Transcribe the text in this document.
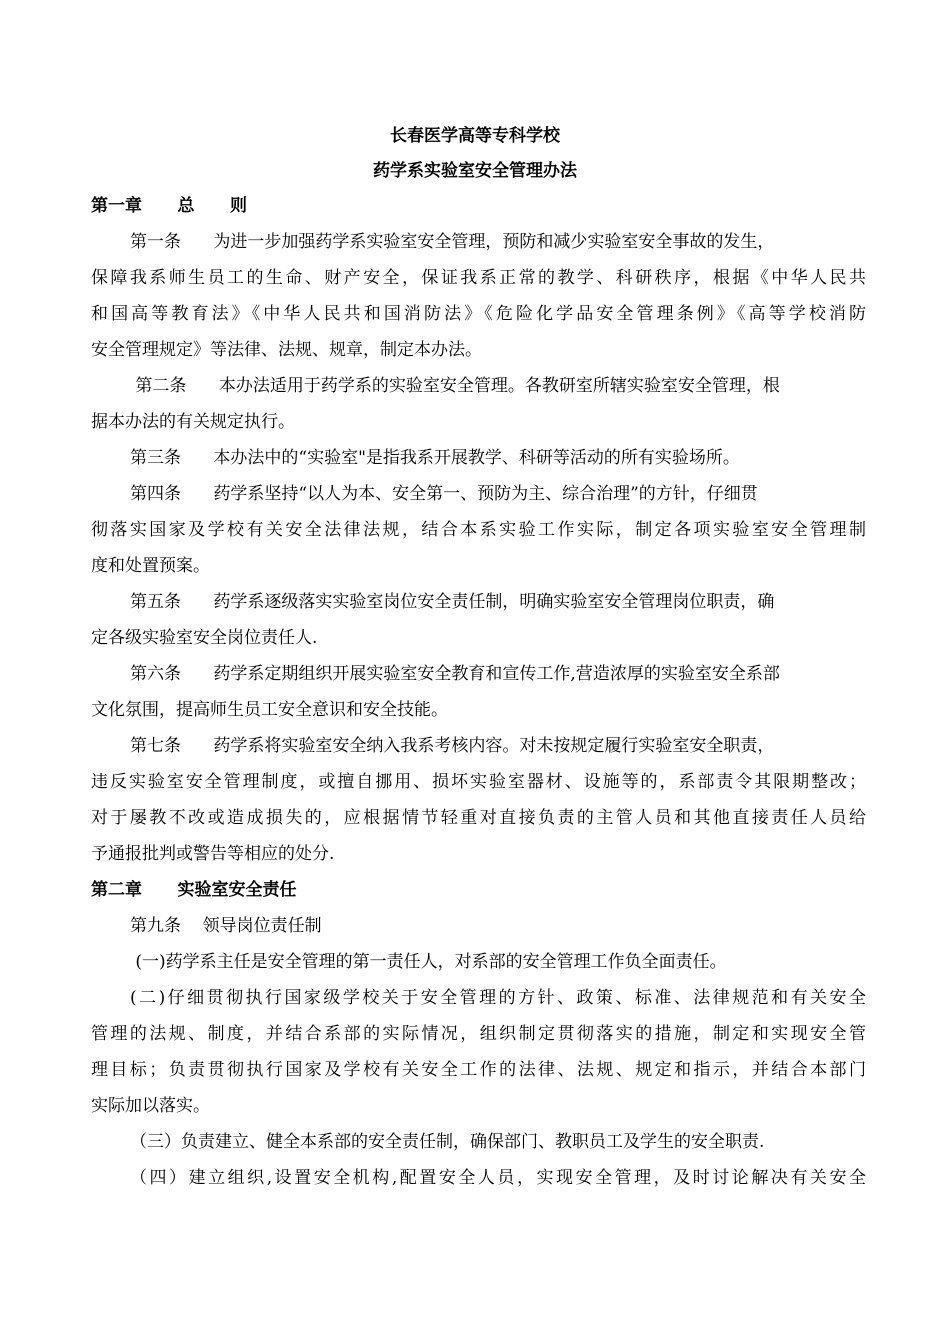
长春医学高等专科学校
药学系实验室安全管理办法
第一章      总      则
第一条      为进一步加强药学系实验室安全管理，预防和减少实验室安全事故的发生，
保障我系师生员工的生命、财产安全，保证我系正常的教学、科研秩序，根据《中华人民共
和国高等教育法》《中华人民共和国消防法》《危险化学品安全管理条例》《高等学校消防
安全管理规定》等法律、法规、规章，制定本办法。
第二条      本办法适用于药学系的实验室安全管理。各教研室所辖实验室安全管理，根
据本办法的有关规定执行。
第三条      本办法中的“实验室"是指我系开展教学、科研等活动的所有实验场所。
第四条      药学系坚持“以人为本、安全第一、预防为主、综合治理”的方针，仔细贯
彻落实国家及学校有关安全法律法规，结合本系实验工作实际，制定各项实验室安全管理制
度和处置预案。
第五条      药学系逐级落实实验室岗位安全责任制，明确实验室安全管理岗位职责，确
定各级实验室安全岗位责任人.
第六条      药学系定期组织开展实验室安全教育和宣传工作,营造浓厚的实验室安全系部
文化氛围，提高师生员工安全意识和安全技能。
第七条      药学系将实验室安全纳入我系考核内容。对未按规定履行实验室安全职责，
违反实验室安全管理制度，或擅自挪用、损坏实验室器材、设施等的，系部责令其限期整改；
对于屡教不改或造成损失的，应根据情节轻重对直接负责的主管人员和其他直接责任人员给
予通报批判或警告等相应的处分.
第二章      实验室安全责任
第九条    领导岗位责任制
(一)药学系主任是安全管理的第一责任人，对系部的安全管理工作负全面责任。
(二)仔细贯彻执行国家级学校关于安全管理的方针、政策、标准、法律规范和有关安全
管理的法规、制度，并结合系部的实际情况，组织制定贯彻落实的措施，制定和实现安全管
理目标；负责贯彻执行国家及学校有关安全工作的法律、法规、规定和指示，并结合本部门
实际加以落实。
（三）负责建立、健全本系部的安全责任制，确保部门、教职员工及学生的安全职责.
（四）建立组织,设置安全机构,配置安全人员，实现安全管理，及时讨论解决有关安全
